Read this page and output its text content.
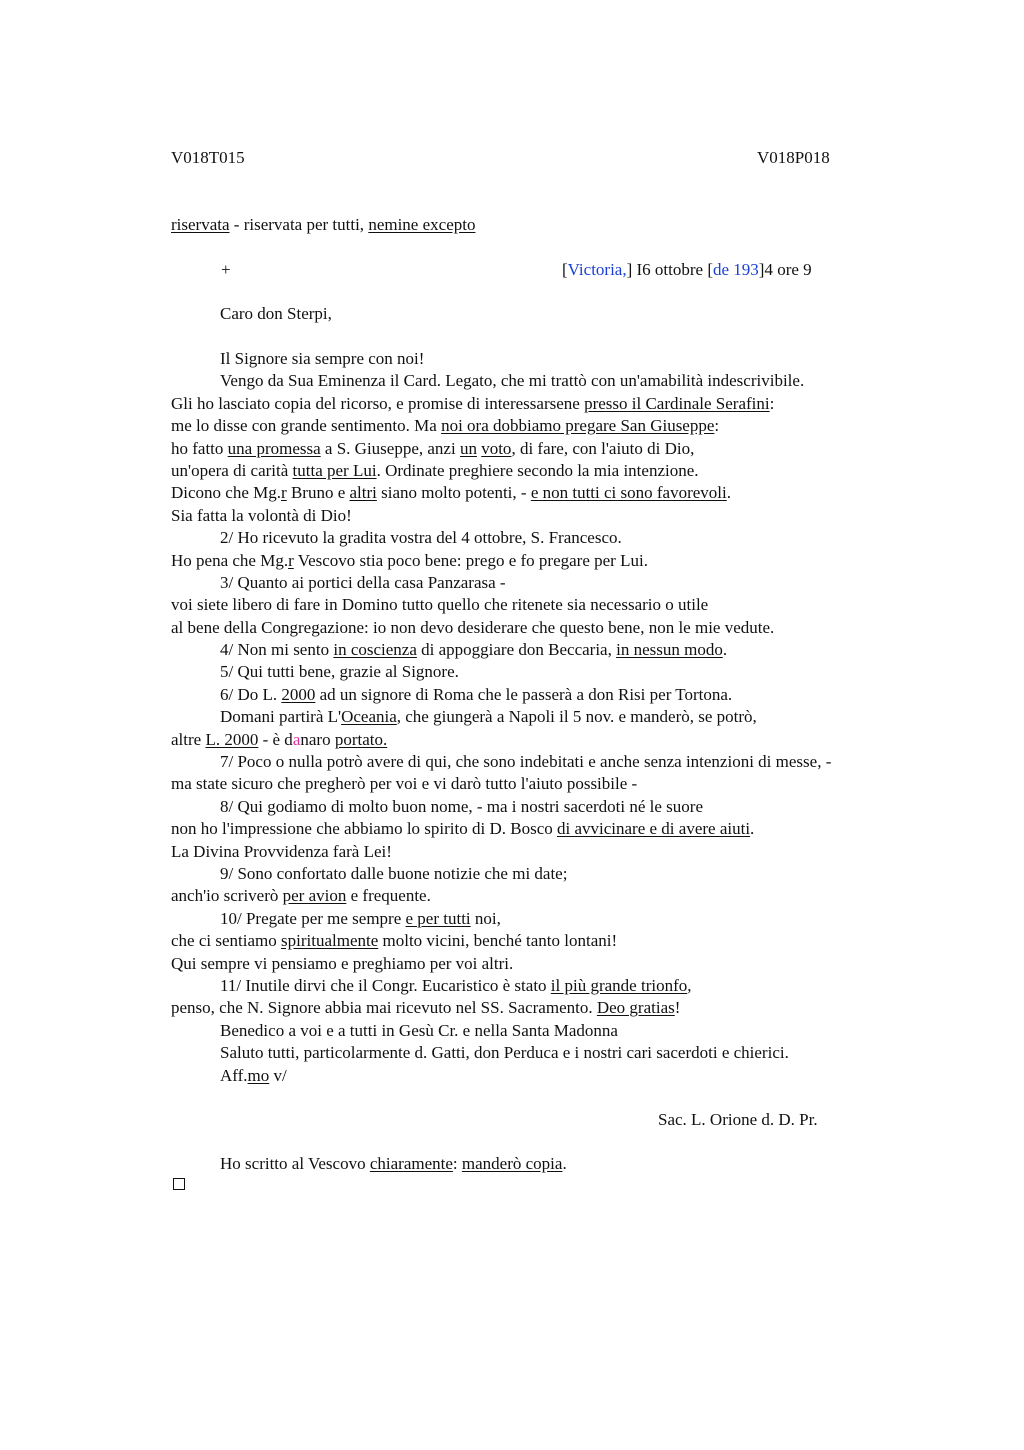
V018T015	V018P018
riservata - riservata per tutti, nemine excepto
+	[Victoria,] I6 ottobre [de 193]4 ore 9
Caro don Sterpi,
Il Signore sia sempre con noi!
Vengo da Sua Eminenza il Card. Legato, che mi trattò con un'amabilità indescrivibile.
Gli ho lasciato copia del ricorso, e promise di interessarsene presso il Cardinale Serafini:
me lo disse con grande sentimento. Ma noi ora dobbiamo pregare San Giuseppe:
ho fatto una promessa a S. Giuseppe, anzi un voto, di fare, con l'aiuto di Dio,
un'opera di carità tutta per Lui. Ordinate preghiere secondo la mia intenzione.
Dicono che Mg.r Bruno e altri siano molto potenti, - e non tutti ci sono favorevoli.
Sia fatta la volontà di Dio!
2/ Ho ricevuto la gradita vostra del 4 ottobre, S. Francesco.
Ho pena che Mg.r Vescovo stia poco bene: prego e fo pregare per Lui.
3/ Quanto ai portici della casa Panzarasa -
voi siete libero di fare in Domino tutto quello che ritenete sia necessario o utile
al bene della Congregazione: io non devo desiderare che questo bene, non le mie vedute.
4/ Non mi sento in coscienza di appoggiare don Beccaria, in nessun modo.
5/ Qui tutti bene, grazie al Signore.
6/ Do L. 2000 ad un signore di Roma che le passerà a don Risi per Tortona.
Domani partirà L'Oceania, che giungerà a Napoli il 5 nov. e manderò, se potrò,
altre L. 2000 - è danaro portato.
7/ Poco o nulla potrò avere di qui, che sono indebitati e anche senza intenzioni di messe, -
ma state sicuro che pregherò per voi e vi darò tutto l'aiuto possibile -
8/ Qui godiamo di molto buon nome, - ma i nostri sacerdoti né le suore
non ho l'impressione che abbiamo lo spirito di D. Bosco di avvicinare e di avere aiuti.
La Divina Provvidenza farà Lei!
9/ Sono confortato dalle buone notizie che mi date;
anch'io scriverò per avion e frequente.
10/ Pregate per me sempre e per tutti noi,
che ci sentiamo spiritualmente molto vicini, benché tanto lontani!
Qui sempre vi pensiamo e preghiamo per voi altri.
11/ Inutile dirvi che il Congr. Eucaristico è stato il più grande trionfo,
penso, che N. Signore abbia mai ricevuto nel SS. Sacramento. Deo gratias!
Benedico a voi e a tutti in Gesù Cr. e nella Santa Madonna
Saluto tutti, particolarmente d. Gatti, don Perduca e i nostri cari sacerdoti e chierici.
Aff.mo v/
Sac. L. Orione d. D. Pr.
Ho scritto al Vescovo chiaramente: manderò copia.
